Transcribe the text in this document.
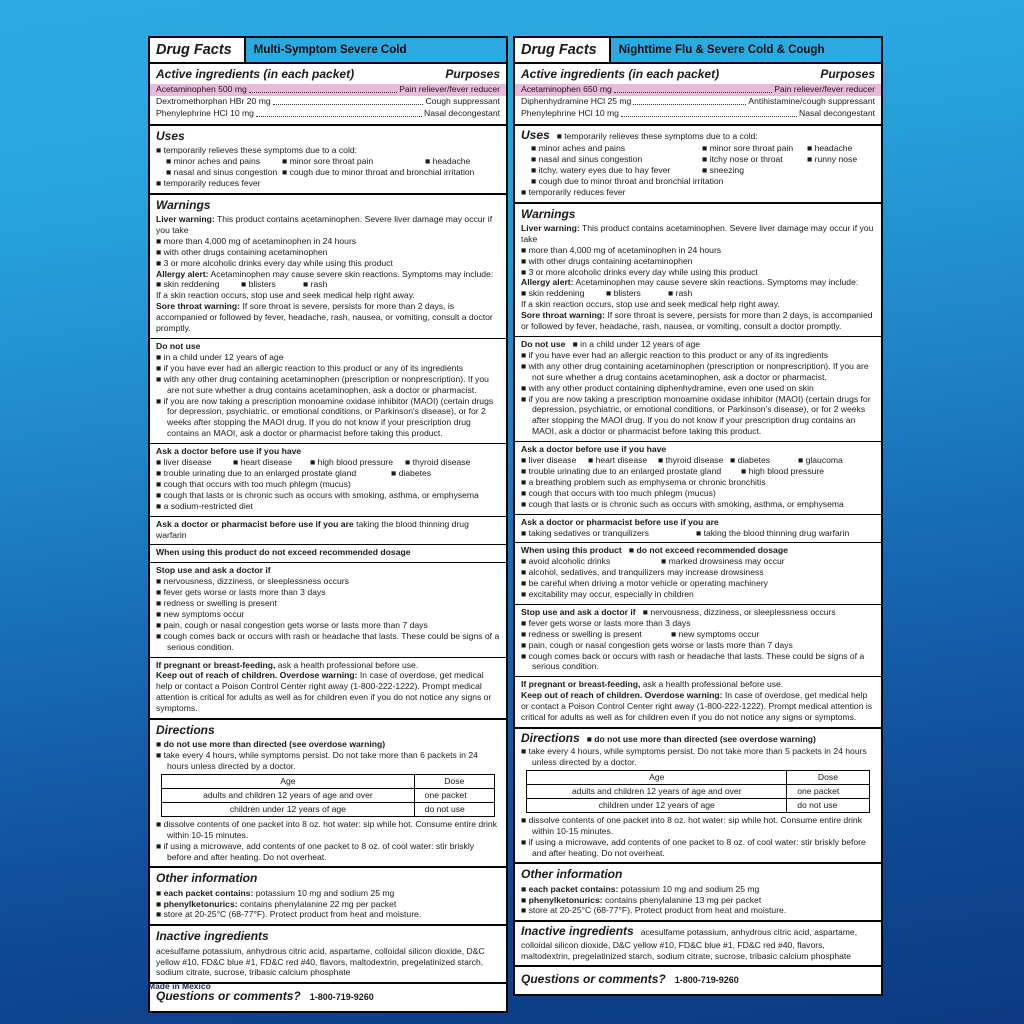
Drug Facts	Multi-Symptom Severe Cold
Active ingredients (in each packet)	Purposes
Acetaminophen 500 mg	Pain reliever/fever reducer
Dextromethorphan HBr 20 mg	Cough suppressant
Phenylephrine HCl 10 mg	Nasal decongestant
Uses
■ temporarily relieves these symptoms due to a cold:
■ minor aches and pains	■ minor sore throat pain	■ headache
■ nasal and sinus congestion ■ cough due to minor throat and bronchial irritation
■ temporarily reduces fever
Warnings
Liver warning: This product contains acetaminophen. Severe liver damage may occur if you take
■ more than 4,000 mg of acetaminophen in 24 hours
■ with other drugs containing acetaminophen
■ 3 or more alcoholic drinks every day while using this product
Allergy alert: Acetaminophen may cause severe skin reactions. Symptoms may include:
■ skin reddening	■ blisters	■ rash
If a skin reaction occurs, stop use and seek medical help right away.
Sore throat warning: If sore throat is severe, persists for more than 2 days, is accompanied or followed by fever, headache, rash, nausea, or vomiting, consult a doctor promptly.
Do not use
■ in a child under 12 years of age
■ if you have ever had an allergic reaction to this product or any of its ingredients
■ with any other drug containing acetaminophen (prescription or nonprescription). If you are not sure whether a drug contains acetaminophen, ask a doctor or pharmacist.
■ if you are now taking a prescription monoamine oxidase inhibitor (MAOI) (certain drugs for depression, psychiatric, or emotional conditions, or Parkinson's disease), or for 2 weeks after stopping the MAOI drug. If you do not know if your prescription drug contains an MAOI, ask a doctor or pharmacist before taking this product.
Ask a doctor before use if you have
■ liver disease	■ heart disease ■ high blood pressure ■ thyroid disease
■ trouble urinating due to an enlarged prostate gland	■ diabetes
■ cough that occurs with too much phlegm (mucus)
■ cough that lasts or is chronic such as occurs with smoking, asthma, or emphysema
■ a sodium-restricted diet
Ask a doctor or pharmacist before use if you are taking the blood thinning drug warfarin
When using this product do not exceed recommended dosage
Stop use and ask a doctor if
■ nervousness, dizziness, or sleeplessness occurs
■ fever gets worse or lasts more than 3 days
■ redness or swelling is present
■ new symptoms occur
■ pain, cough or nasal congestion gets worse or lasts more than 7 days
■ cough comes back or occurs with rash or headache that lasts. These could be signs of a serious condition.
If pregnant or breast-feeding, ask a health professional before use.
Keep out of reach of children. Overdose warning: In case of overdose, get medical help or contact a Poison Control Center right away (1-800-222-1222). Prompt medical attention is critical for adults as well as for children even if you do not notice any signs or symptoms.
Directions
■ do not use more than directed (see overdose warning)
■ take every 4 hours, while symptoms persist. Do not take more than 6 packets in 24 hours unless directed by a doctor.
Age	Dose
adults and children 12 years of age and over	one packet
children under 12 years of age	do not use
■ dissolve contents of one packet into 8 oz. hot water: sip while hot. Consume entire drink within 10-15 minutes.
■ if using a microwave, add contents of one packet to 8 oz. of cool water: stir briskly before and after heating. Do not overheat.
Other information
■ each packet contains: potassium 10 mg and sodium 25 mg
■ phenylketonurics: contains phenylalanine 22 mg per packet
■ store at 20-25°C (68-77°F). Protect product from heat and moisture.
Inactive ingredients
acesulfame potassium, anhydrous citric acid, aspartame, colloidal silicon dioxide, D&C yellow #10, FD&C blue #1, FD&C red #40, flavors, maltodextrin, pregelatinized starch, sodium citrate, sucrose, tribasic calcium phosphate
Questions or comments?	1-800-719-9260
Drug Facts	Nighttime Flu & Severe Cold & Cough
Active ingredients (in each packet)	Purposes
Acetaminophen 650 mg	Pain reliever/fever reducer
Diphenhydramine HCl 25 mg	Antihistamine/cough suppressant
Phenylephrine HCl 10 mg	Nasal decongestant
Uses ■ temporarily relieves these symptoms due to a cold:
■ minor aches and pains	■ minor sore throat pain ■ headache
■ nasal and sinus congestion	■ itchy nose or throat	■ runny nose
■ itchy, watery eyes due to hay fever	■ sneezing
■ cough due to minor throat and bronchial irritation
■ temporarily reduces fever
Warnings
Liver warning: This product contains acetaminophen. Severe liver damage may occur if you take
■ more than 4,000 mg of acetaminophen in 24 hours
■ with other drugs containing acetaminophen
■ 3 or more alcoholic drinks every day while using this product
Allergy alert: Acetaminophen may cause severe skin reactions. Symptoms may include:
■ skin reddening	■ blisters	■ rash
If a skin reaction occurs, stop use and seek medical help right away.
Sore throat warning: If sore throat is severe, persists for more than 2 days, is accompanied or followed by fever, headache, rash, nausea, or vomiting, consult a doctor promptly.
Do not use ■ in a child under 12 years of age
■ if you have ever had an allergic reaction to this product or any of its ingredients
■ with any other drug containing acetaminophen (prescription or nonprescription). If you are not sure whether a drug contains acetaminophen, ask a doctor or pharmacist.
■ with any other product containing diphenhydramine, even one used on skin
■ if you are now taking a prescription monoamine oxidase inhibitor (MAOI) (certain drugs for depression, psychiatric, or emotional conditions, or Parkinson's disease), or for 2 weeks after stopping the MAOI drug. If you do not know if your prescription drug contains an MAOI, ask a doctor or pharmacist before taking this product.
Ask a doctor before use if you have
■ liver disease ■ heart disease ■ thyroid disease ■ diabetes	■ glaucoma
■ trouble urinating due to an enlarged prostate gland ■ high blood pressure
■ a breathing problem such as emphysema or chronic bronchitis
■ cough that occurs with too much phlegm (mucus)
■ cough that lasts or is chronic such as occurs with smoking, asthma, or emphysema
Ask a doctor or pharmacist before use if you are
■ taking sedatives or tranquilizers	■ taking the blood thinning drug warfarin
When using this product ■ do not exceed recommended dosage
■ avoid alcoholic drinks	■ marked drowsiness may occur
■ alcohol, sedatives, and tranquilizers may increase drowsiness
■ be careful when driving a motor vehicle or operating machinery
■ excitability may occur, especially in children
Stop use and ask a doctor if ■ nervousness, dizziness, or sleeplessness occurs
■ fever gets worse or lasts more than 3 days
■ redness or swelling is present	■ new symptoms occur
■ pain, cough or nasal congestion gets worse or lasts more than 7 days
■ cough comes back or occurs with rash or headache that lasts. These could be signs of a serious condition.
If pregnant or breast-feeding, ask a health professional before use.
Keep out of reach of children. Overdose warning: In case of overdose, get medical help or contact a Poison Control Center right away (1-800-222-1222). Prompt medical attention is critical for adults as well as for children even if you do not notice any signs or symptoms.
Directions ■ do not use more than directed (see overdose warning)
■ take every 4 hours, while symptoms persist. Do not take more than 5 packets in 24 hours unless directed by a doctor.
Age	Dose
adults and children 12 years of age and over	one packet
children under 12 years of age	do not use
■ dissolve contents of one packet into 8 oz. hot water: sip while hot. Consume entire drink within 10-15 minutes.
■ if using a microwave, add contents of one packet to 8 oz. of cool water: stir briskly before and after heating. Do not overheat.
Other information
■ each packet contains: potassium 10 mg and sodium 25 mg
■ phenylketonurics: contains phenylalanine 13 mg per packet
■ store at 20-25°C (68-77°F). Protect product from heat and moisture.
Inactive ingredients acesulfame potassium, anhydrous citric acid, aspartame, colloidal silicon dioxide, D&C yellow #10, FD&C blue #1, FD&C red #40, flavors, maltodextrin, pregelatinized starch, sodium citrate, sucrose, tribasic calcium phosphate
Questions or comments?	1-800-719-9260
Made in Mexico
